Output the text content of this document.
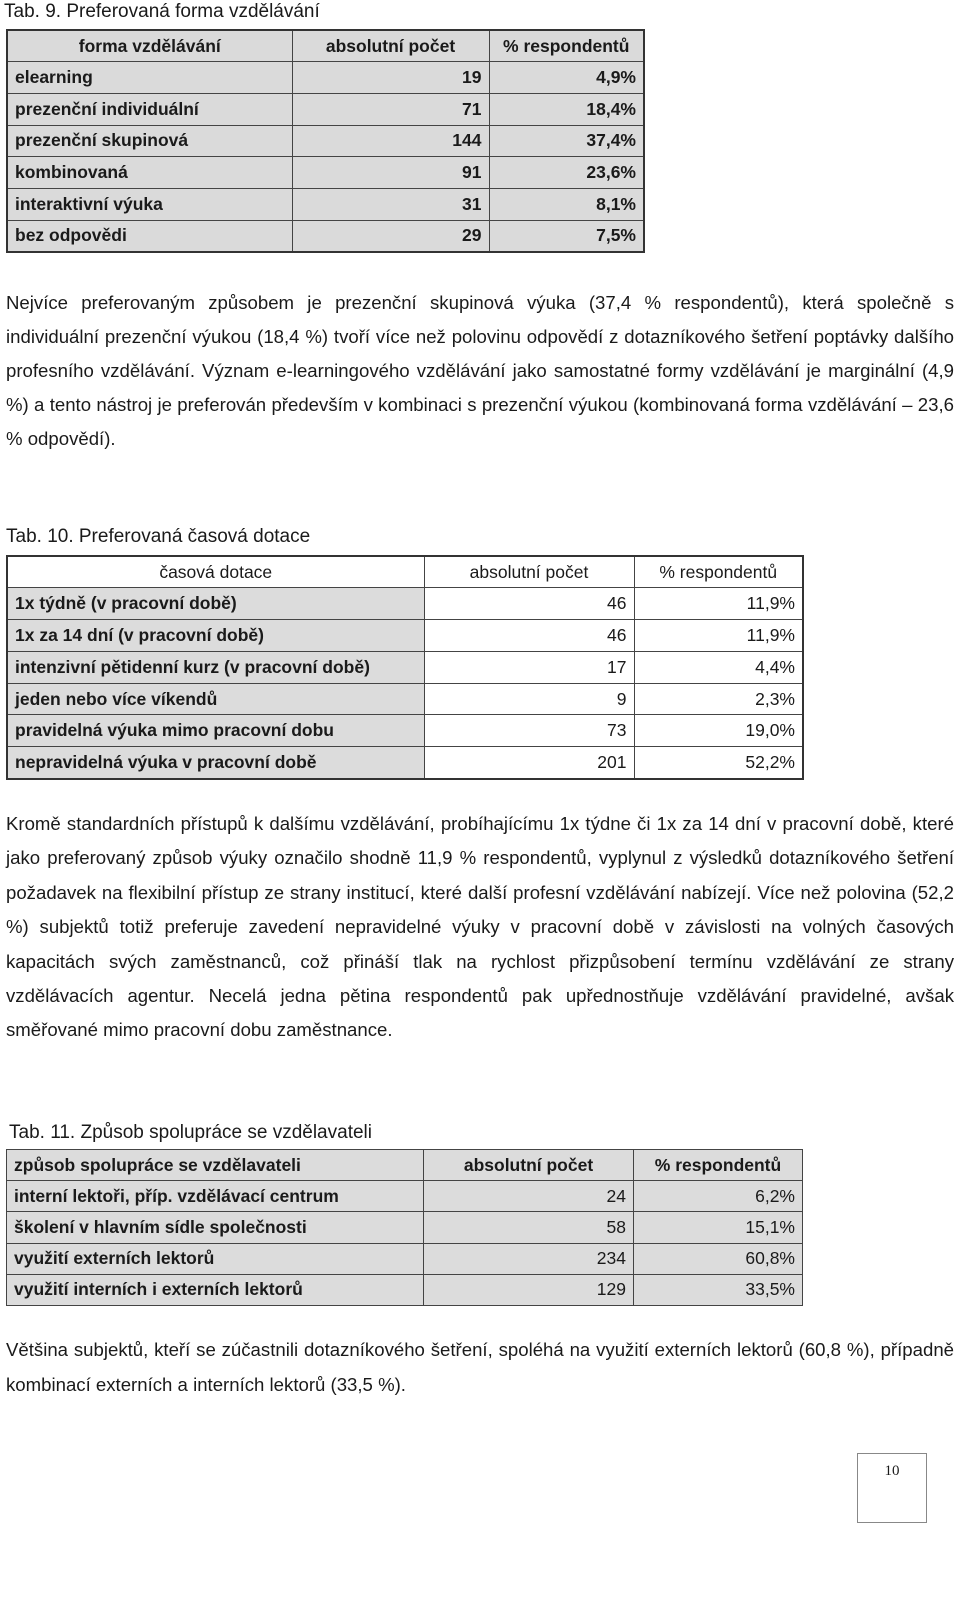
Tab. 9. Preferovaná forma vzdělávání
forma vzdělávání	absolutní počet	% respondentů
elearning	19	4,9%
prezenční individuální	71	18,4%
prezenční skupinová	144	37,4%
kombinovaná	91	23,6%
interaktivní výuka	31	8,1%
bez odpovědi	29	7,5%

Nejvíce preferovaným způsobem je prezenční skupinová výuka (37,4 % respondentů), která společně s individuální prezenční výukou (18,4 %) tvoří více než polovinu odpovědí z dotazníkového šetření poptávky dalšího profesního vzdělávání. Význam e-learningového vzdělávání jako samostatné formy vzdělávání je marginální (4,9 %) a tento nástroj je preferován především v kombinaci s prezenční výukou (kombinovaná forma vzdělávání – 23,6 % odpovědí).

Tab. 10. Preferovaná časová dotace
časová dotace	absolutní počet	% respondentů
1x týdně (v pracovní době)	46	11,9%
1x za 14 dní (v pracovní době)	46	11,9%
intenzivní pětidenní kurz (v pracovní době)	17	4,4%
jeden nebo více víkendů	9	2,3%
pravidelná výuka mimo pracovní dobu	73	19,0%
nepravidelná výuka v pracovní době	201	52,2%

Kromě standardních přístupů k dalšímu vzdělávání, probíhajícímu 1x týdne či 1x za 14 dní v pracovní době, které jako preferovaný způsob výuky označilo shodně 11,9 % respondentů, vyplynul z výsledků dotazníkového šetření požadavek na flexibilní přístup ze strany institucí, které další profesní vzdělávání nabízejí. Více než polovina (52,2 %) subjektů totiž preferuje zavedení nepravidelné výuky v pracovní době v závislosti na volných časových kapacitách svých zaměstnanců, což přináší tlak na rychlost přizpůsobení termínu vzdělávání ze strany vzdělávacích agentur. Necelá jedna pětina respondentů pak upřednostňuje vzdělávání pravidelné, avšak směřované mimo pracovní dobu zaměstnance.

Tab. 11. Způsob spolupráce se vzdělavateli
způsob spolupráce se vzdělavateli	absolutní počet	% respondentů
interní lektoři, příp. vzdělávací centrum	24	6,2%
školení v hlavním sídle společnosti	58	15,1%
využití externích lektorů	234	60,8%
využití interních i externích lektorů	129	33,5%

Většina subjektů, kteří se zúčastnili dotazníkového šetření, spoléhá na využití externích lektorů (60,8 %), případně kombinací externích a interních lektorů (33,5 %).

10
